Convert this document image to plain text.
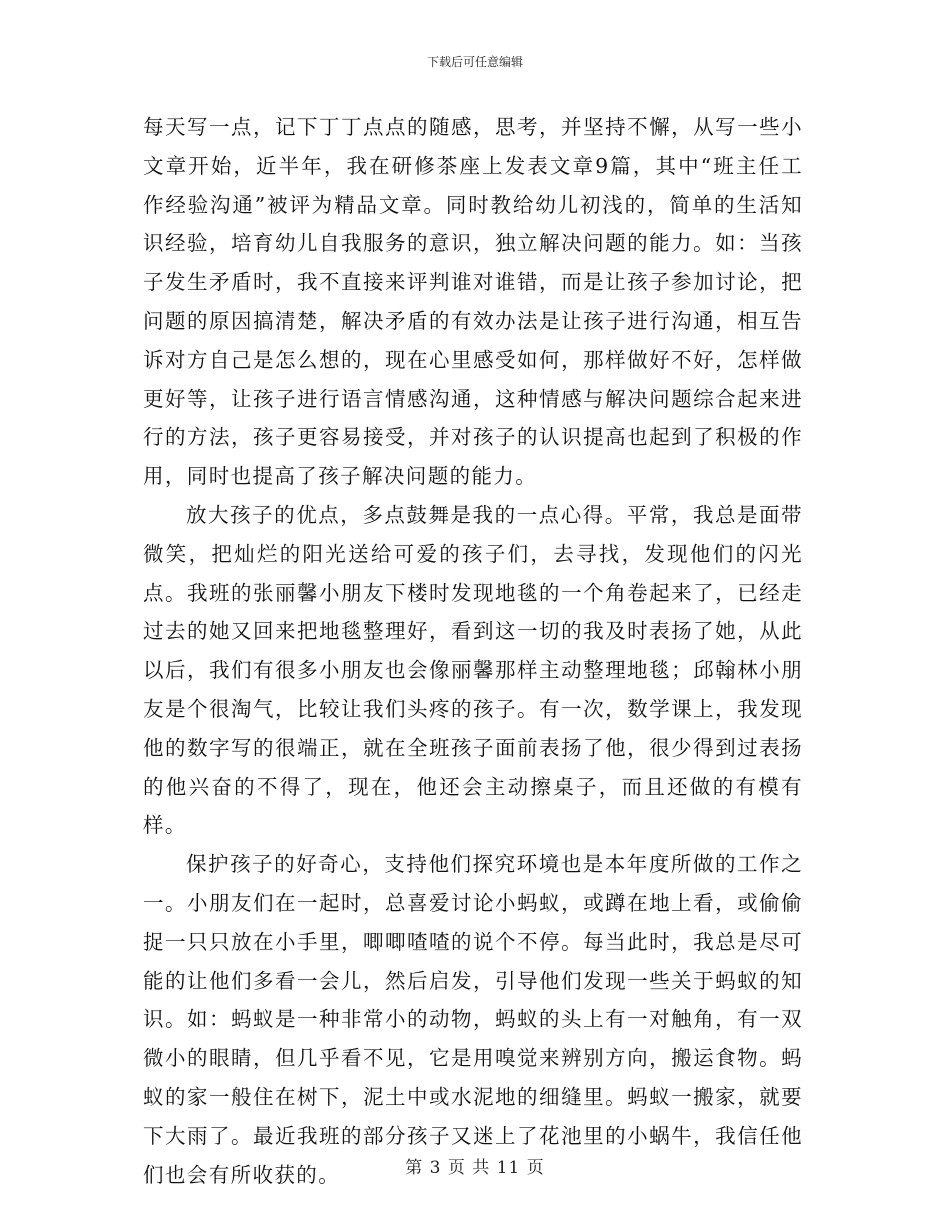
下载后可任意编辑

每天写一点，记下丁丁点点的随感，思考，并坚持不懈，从写一些小文章开始，近半年，我在研修茶座上发表文章9篇，其中“班主任工作经验沟通”被评为精品文章。同时教给幼儿初浅的，简单的生活知识经验，培育幼儿自我服务的意识，独立解决问题的能力。如：当孩子发生矛盾时，我不直接来评判谁对谁错，而是让孩子参加讨论，把问题的原因搞清楚，解决矛盾的有效办法是让孩子进行沟通，相互告诉对方自己是怎么想的，现在心里感受如何，那样做好不好，怎样做更好等，让孩子进行语言情感沟通，这种情感与解决问题综合起来进行的方法，孩子更容易接受，并对孩子的认识提高也起到了积极的作用，同时也提高了孩子解决问题的能力。

放大孩子的优点，多点鼓舞是我的一点心得。平常，我总是面带微笑，把灿烂的阳光送给可爱的孩子们，去寻找，发现他们的闪光点。我班的张丽馨小朋友下楼时发现地毯的一个角卷起来了，已经走过去的她又回来把地毯整理好，看到这一切的我及时表扬了她，从此以后，我们有很多小朋友也会像丽馨那样主动整理地毯；邱翰林小朋友是个很淘气，比较让我们头疼的孩子。有一次，数学课上，我发现他的数字写的很端正，就在全班孩子面前表扬了他，很少得到过表扬的他兴奋的不得了，现在，他还会主动擦桌子，而且还做的有模有样。

保护孩子的好奇心，支持他们探究环境也是本年度所做的工作之一。小朋友们在一起时，总喜爱讨论小蚂蚁，或蹲在地上看，或偷偷捉一只只放在小手里，唧唧喳喳的说个不停。每当此时，我总是尽可能的让他们多看一会儿，然后启发，引导他们发现一些关于蚂蚁的知识。如：蚂蚁是一种非常小的动物，蚂蚁的头上有一对触角，有一双微小的眼睛，但几乎看不见，它是用嗅觉来辨别方向，搬运食物。蚂蚁的家一般住在树下，泥土中或水泥地的细缝里。蚂蚁一搬家，就要下大雨了。最近我班的部分孩子又迷上了花池里的小蜗牛，我信任他们也会有所收获的。	第 3 页 共 11 页
